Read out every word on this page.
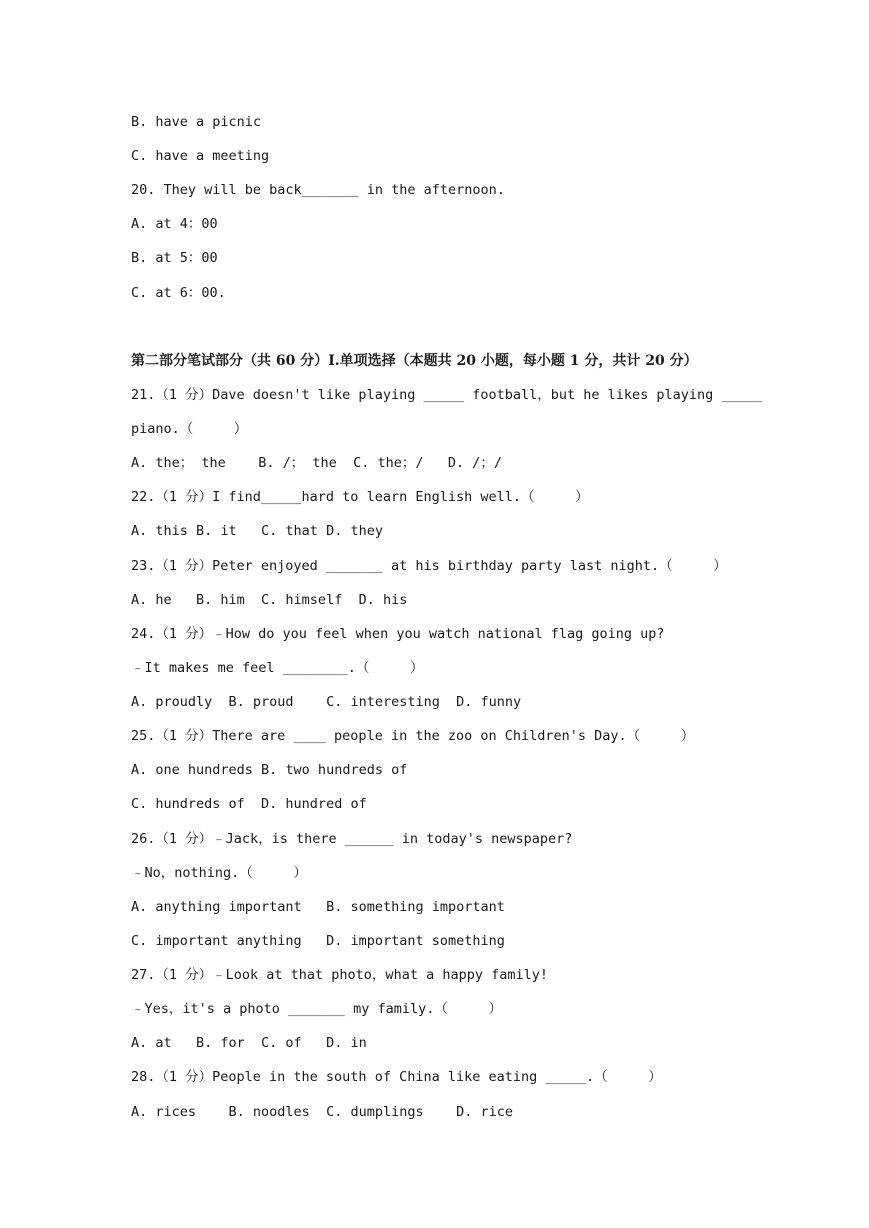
B. have a picnic
C. have a meeting
20. They will be back_______ in the afternoon.
A. at 4：00
B. at 5：00
C. at 6：00.
第二部分笔试部分（共 60 分）I.单项选择（本题共 20 小题，每小题 1 分，共计 20 分）
21.（1 分）Dave doesn't like playing _____ football，but he likes playing _____
piano.（     ）
A. the； the    B. /； the  C. the；/   D. /；/
22.（1 分）I find_____hard to learn English well.（     ）
A. this B. it   C. that D. they
23.（1 分）Peter enjoyed _______ at his birthday party last night.（     ）
A. he   B. him  C. himself  D. his
24.（1 分）﹣How do you feel when you watch national flag going up?
﹣It makes me feel ________.（     ）
A. proudly  B. proud    C. interesting  D. funny
25.（1 分）There are ____ people in the zoo on Children's Day.（     ）
A. one hundreds B. two hundreds of
C. hundreds of  D. hundred of
26.（1 分）﹣Jack，is there ______ in today's newspaper?
﹣No，nothing.（     ）
A. anything important   B. something important
C. important anything   D. important something
27.（1 分）﹣Look at that photo，what a happy family!
﹣Yes，it's a photo _______ my family.（     ）
A. at   B. for  C. of   D. in
28.（1 分）People in the south of China like eating _____.（     ）
A. rices    B. noodles  C. dumplings    D. rice
